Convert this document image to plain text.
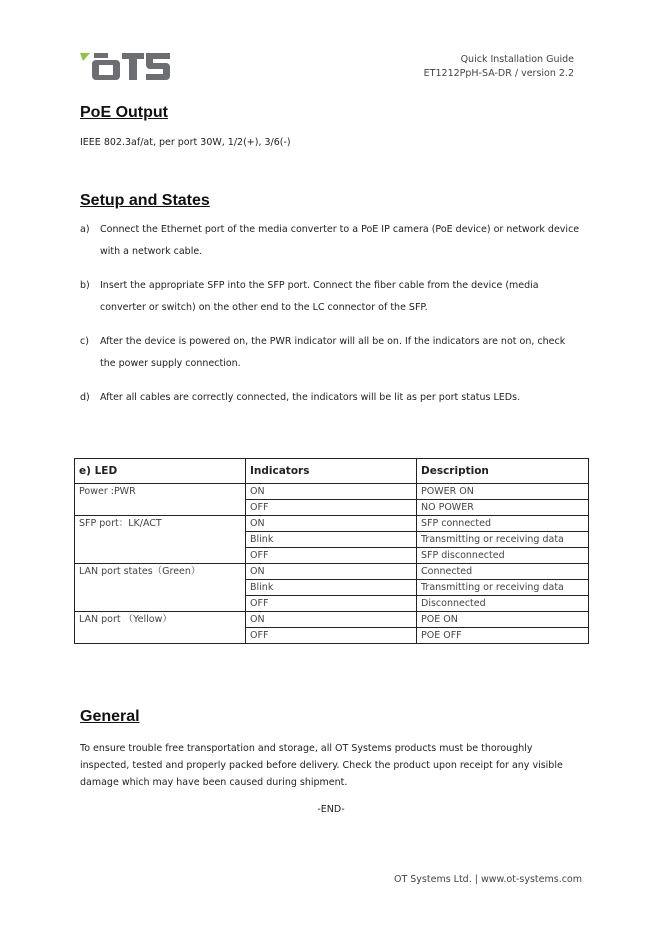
Quick Installation Guide
ET1212PpH-SA-DR / version 2.2
PoE Output
IEEE 802.3af/at, per port 30W, 1/2(+), 3/6(-)
Setup and States
a) Connect the Ethernet port of the media converter to a PoE IP camera (PoE device) or network device with a network cable.
b) Insert the appropriate SFP into the SFP port. Connect the fiber cable from the device (media converter or switch) on the other end to the LC connector of the SFP.
c) After the device is powered on, the PWR indicator will all be on. If the indicators are not on, check the power supply connection.
d) After all cables are correctly connected, the indicators will be lit as per port status LEDs.
e) LED	Indicators	Description
Power :PWR	ON	POWER ON
	OFF	NO POWER
SFP port：LK/ACT	ON	SFP connected
	Blink	Transmitting or receiving data
	OFF	SFP disconnected
LAN port states（Green）	ON	Connected
	Blink	Transmitting or receiving data
	OFF	Disconnected
LAN port （Yellow）	ON	POE ON
	OFF	POE OFF
General
To ensure trouble free transportation and storage, all OT Systems products must be thoroughly inspected, tested and properly packed before delivery. Check the product upon receipt for any visible damage which may have been caused during shipment.
-END-
OT Systems Ltd. | www.ot-systems.com
